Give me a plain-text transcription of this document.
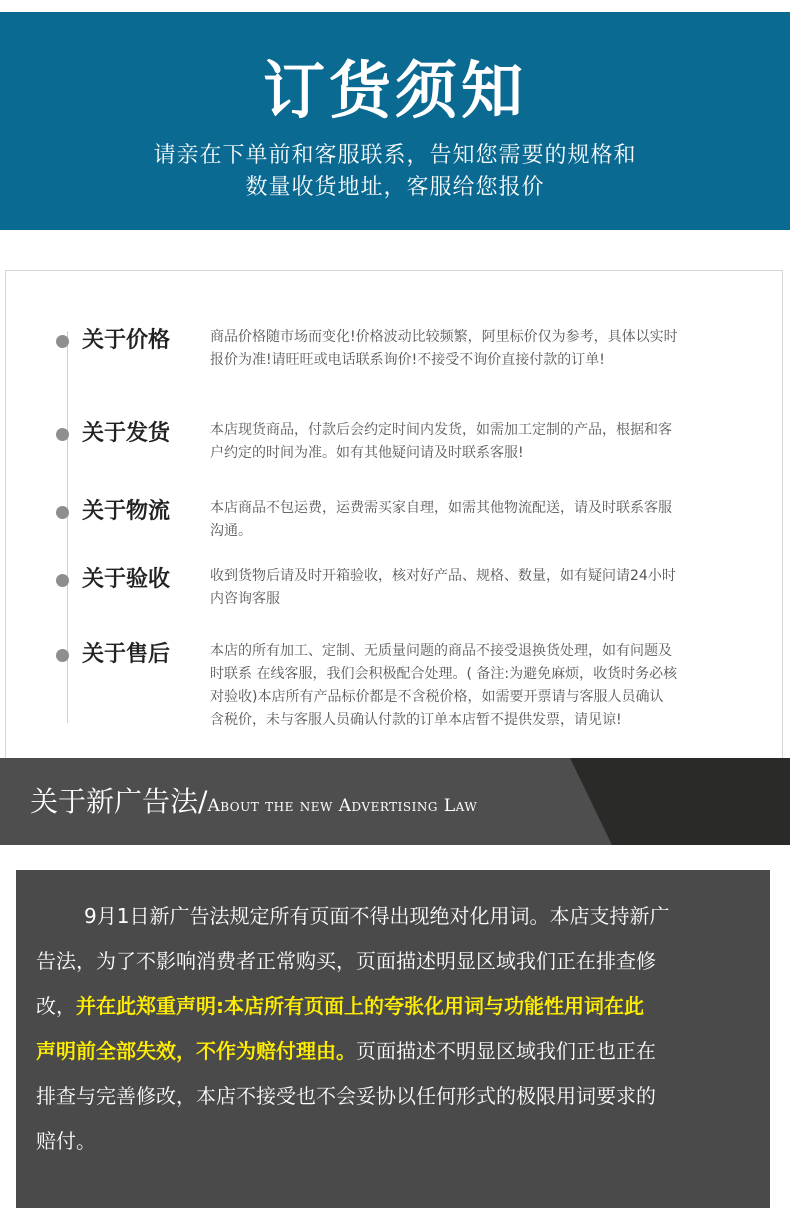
订货须知
请亲在下单前和客服联系，告知您需要的规格和
数量收货地址，客服给您报价
关于价格	商品价格随市场而变化!价格波动比较频繁，阿里标价仅为参考，具体以实时
报价为准!请旺旺或电话联系询价!不接受不询价直接付款的订单!
关于发货	本店现货商品，付款后会约定时间内发货，如需加工定制的产品，根据和客
户约定的时间为准。如有其他疑问请及时联系客服!
关于物流	本店商品不包运费，运费需买家自理，如需其他物流配送，请及时联系客服
沟通。
关于验收	收到货物后请及时开箱验收，核对好产品、规格、数量，如有疑问请24小时
内咨询客服
关于售后	本店的所有加工、定制、无质量问题的商品不接受退换货处理，如有问题及
时联系 在线客服，我们会积极配合处理。( 备注:为避免麻烦，收货时务必核
对验收)本店所有产品标价都是不含税价格，如需要开票请与客服人员确认
含税价，未与客服人员确认付款的订单本店暂不提供发票，请见谅!
关于新广告法/About the new Advertising Law
9月1日新广告法规定所有页面不得出现绝对化用词。本店支持新广
告法，为了不影响消费者正常购买，页面描述明显区域我们正在排查修
改，并在此郑重声明:本店所有页面上的夸张化用词与功能性用词在此
声明前全部失效，不作为赔付理由。页面描述不明显区域我们正也正在
排查与完善修改，本店不接受也不会妥协以任何形式的极限用词要求的
赔付。
